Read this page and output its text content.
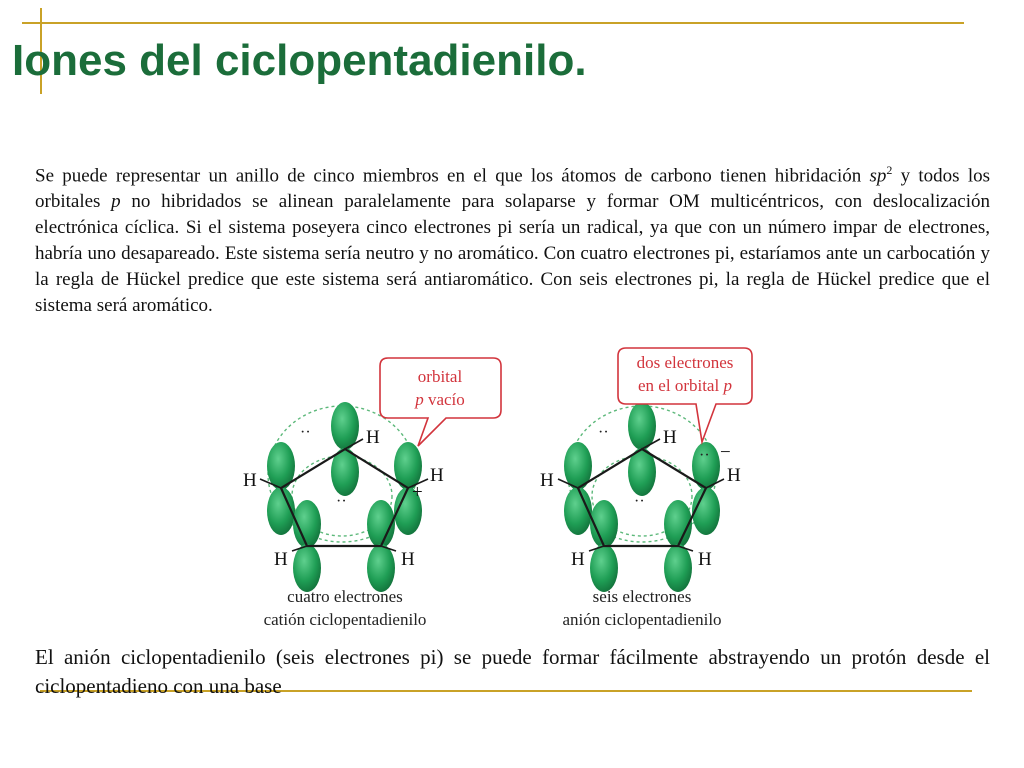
Iones del ciclopentadienilo.

Se puede representar un anillo de cinco miembros en el que los átomos de carbono tienen hibridación $sp^2$ y todos los orbitales p no hibridados se alinean paralelamente para solaparse y formar OM multicéntricos, con deslocalización electrónica cíclica. Si el sistema poseyera cinco electrones pi sería un radical, ya que con un número impar de electrones, habría uno desapareado. Este sistema sería neutro y no aromático. Con cuatro electrones pi, estaríamos ante un carbocatión y la regla de Hückel predice que este sistema será antiaromático. Con seis electrones pi, la regla de Hückel predice que el sistema será aromático.

H
H	H
H	H
+
··
··
orbital
p vacío
cuatro electrones
catión ciclopentadienilo
H
H	H
H	H
−
··
··
··
dos electrones
en el orbital p
seis electrones
anión ciclopentadienilo

El anión ciclopentadienilo (seis electrones pi) se puede formar fácilmente abstrayendo un protón desde el ciclopentadieno con una base
